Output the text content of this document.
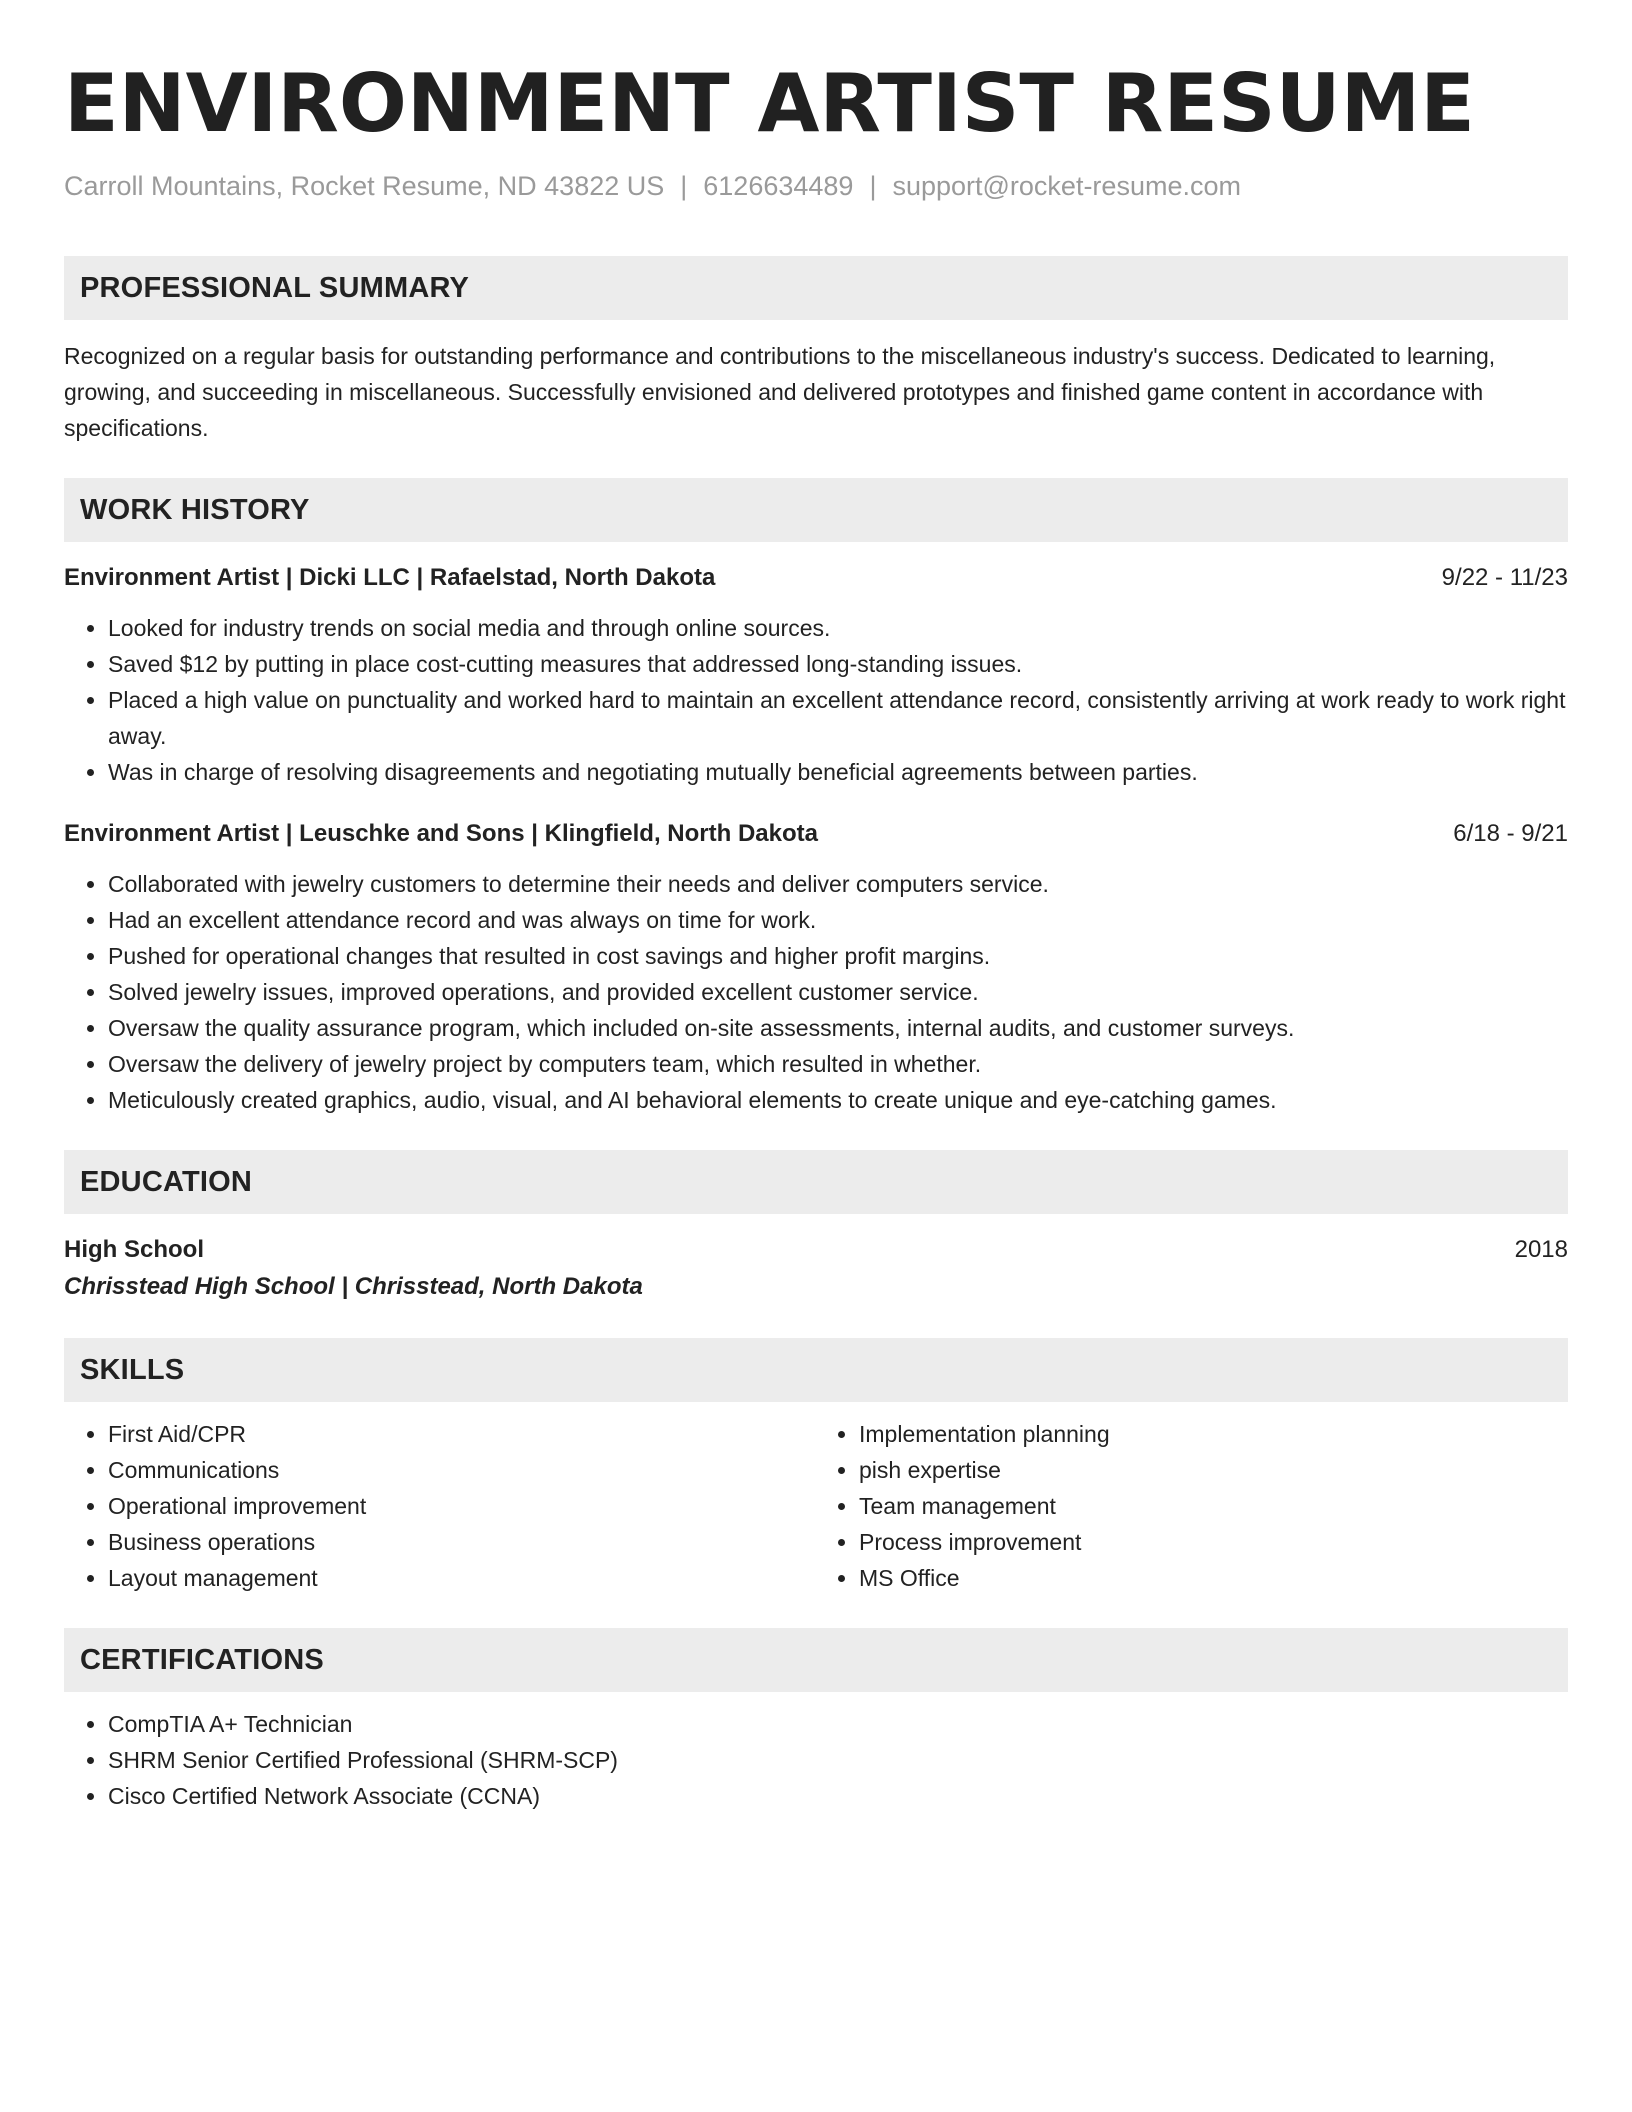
ENVIRONMENT ARTIST RESUME
Carroll Mountains, Rocket Resume, ND 43822 US | 6126634489 | support@rocket-resume.com
PROFESSIONAL SUMMARY

Recognized on a regular basis for outstanding performance and contributions to the miscellaneous industry's success. Dedicated to learning, growing, and succeeding in miscellaneous. Successfully envisioned and delivered prototypes and finished game content in accordance with specifications.

WORK HISTORY
Environment Artist | Dicki LLC | Rafaelstad, North Dakota	9/22 - 11/23
• Looked for industry trends on social media and through online sources.
• Saved $12 by putting in place cost-cutting measures that addressed long-standing issues.
• Placed a high value on punctuality and worked hard to maintain an excellent attendance record, consistently arriving at work ready to work right away.
• Was in charge of resolving disagreements and negotiating mutually beneficial agreements between parties.
Environment Artist | Leuschke and Sons | Klingfield, North Dakota	6/18 - 9/21
• Collaborated with jewelry customers to determine their needs and deliver computers service.
• Had an excellent attendance record and was always on time for work.
• Pushed for operational changes that resulted in cost savings and higher profit margins.
• Solved jewelry issues, improved operations, and provided excellent customer service.
• Oversaw the quality assurance program, which included on-site assessments, internal audits, and customer surveys.
• Oversaw the delivery of jewelry project by computers team, which resulted in whether.
• Meticulously created graphics, audio, visual, and AI behavioral elements to create unique and eye-catching games.
EDUCATION
High School	2018
Chrisstead High School | Chrisstead, North Dakota
SKILLS
• First Aid/CPR
• Communications
• Operational improvement
• Business operations
• Layout management
• Implementation planning
• pish expertise
• Team management
• Process improvement
• MS Office
CERTIFICATIONS
• CompTIA A+ Technician
• SHRM Senior Certified Professional (SHRM-SCP)
• Cisco Certified Network Associate (CCNA)
